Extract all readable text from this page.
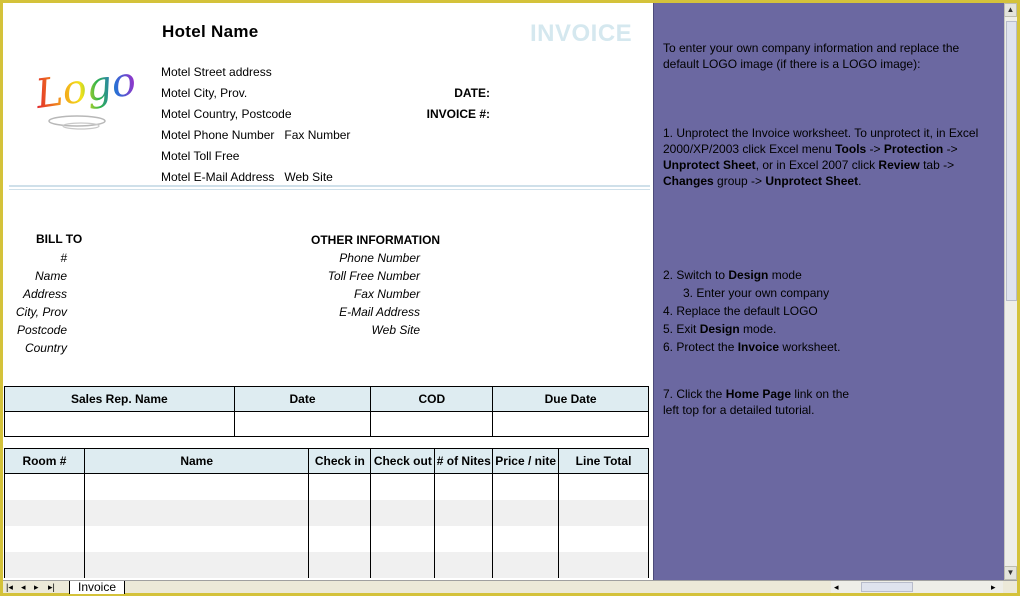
Logo
Hotel Name	INVOICE
Motel Street address
Motel City, Prov.
Motel Country, Postcode
Motel Phone Number   Fax Number
Motel Toll Free
Motel E-Mail Address   Web Site
DATE:
INVOICE #:
BILL TO
#
Name
Address
City, Prov
Postcode
Country
OTHER INFORMATION
Phone Number
Toll Free Number
Fax Number
E-Mail Address
Web Site
Sales Rep. Name	Date	COD	Due Date

Room #	Name	Check in	Check out	# of Nites	Price / nite	Line Total

To enter your own company information and replace the default LOGO image (if there is a LOGO image):

1. Unprotect the Invoice worksheet. To unprotect it, in Excel 2000/XP/2003 click Excel menu Tools -> Protection -> Unprotect Sheet, or in Excel 2007 click Review tab -> Changes group -> Unprotect Sheet.

2. Switch to Design mode

3. Enter your own company

4. Replace the default LOGO

5. Exit Design mode.

6. Protect the Invoice worksheet.

7. Click the Home Page link on the left top for a detailed tutorial.

▲
▼
|◂ ◂ ▸ ▸|	Invoice	◂	▸
